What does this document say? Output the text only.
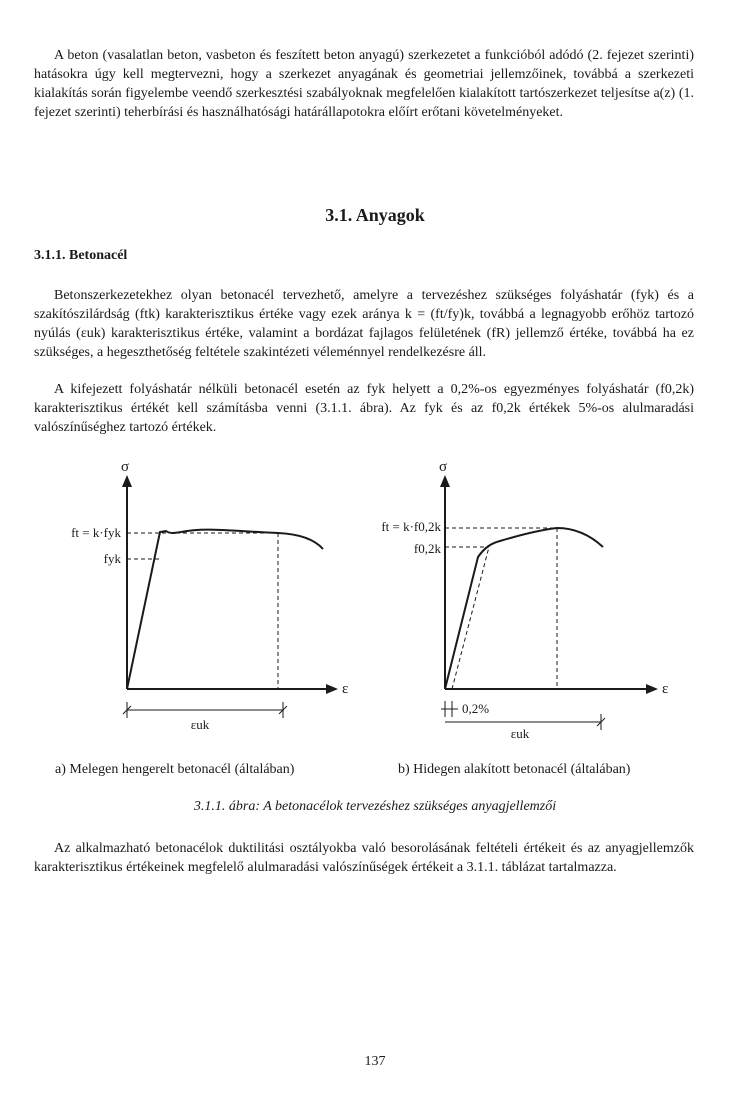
A beton (vasalatlan beton, vasbeton és feszített beton anyagú) szerkezetet a funkcióból adódó (2. fejezet szerinti) hatásokra úgy kell megtervezni, hogy a szerkezet anyagának és geometriai jellemzőinek, továbbá a szerkezeti kialakítás során figyelembe veendő szerkesztési szabályoknak megfelelően kialakított tartószerkezet teljesítse a(z) (1. fejezet szerinti) teherbírási és használhatósági határállapotokra előírt erőtani követelményeket.

3.1. Anyagok
3.1.1. Betonacél

Betonszerkezetekhez olyan betonacél tervezhető, amelyre a tervezéshez szükséges folyáshatár (fyk) és a szakítószilárdság (ftk) karakterisztikus értéke vagy ezek aránya k = (ft/fy)k, továbbá a legnagyobb erőhöz tartozó nyúlás (εuk) karakterisztikus értéke, valamint a bordázat fajlagos felületének (fR) jellemző értéke, továbbá ha ez szükséges, a hegeszthetőség feltétele szakintézeti véleménnyel rendelkezésre áll.

A kifejezett folyáshatár nélküli betonacél esetén az fyk helyett a 0,2%-os egyezményes folyáshatár (f0,2k) karakterisztikus értékét kell számításba venni (3.1.1. ábra). Az fyk és az f0,2k értékek 5%-os alulmaradási valószínűséghez tartozó értékek.

σ
ε
ft = k·fyk
fyk
εuk
σ
ε
ft = k·f0,2k
f0,2k
0,2%
εuk

a) Melegen hengerelt betonacél (általában)	b) Hidegen alakított betonacél (általában)

3.1.1. ábra: A betonacélok tervezéshez szükséges anyagjellemzői

Az alkalmazható betonacélok duktilitási osztályokba való besorolásának feltételi értékeit és az anyagjellemzők karakterisztikus értékeinek megfelelő alulmaradási valószínűségek értékeit a 3.1.1. táblázat tartalmazza.

137
